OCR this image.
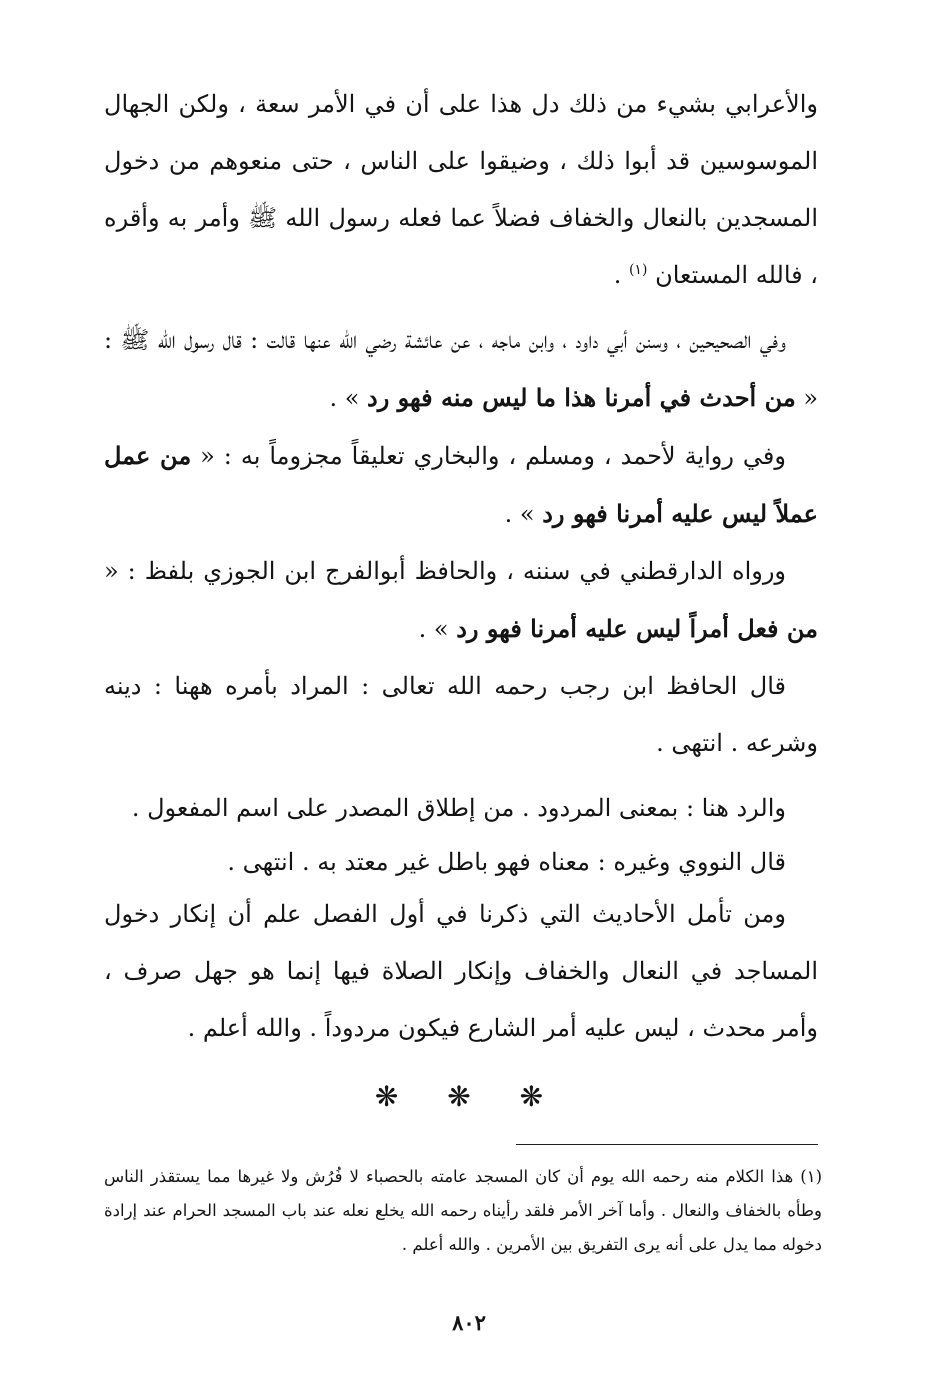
والأعرابي بشيء من ذلك دل هذا على أن في الأمر سعة ، ولكن الجهال الموسوسين قد أبوا ذلك ، وضيقوا على الناس ، حتى منعوهم من دخول المسجدين بالنعال والخفاف فضلاً عما فعله رسول الله ﷺ وأمر به وأقره ، فالله المستعان $^{(١)}$ .

وفي الصحيحين ، وسنن أبي داود ، وابن ماجه ، عن عائشة رضي الله عنها قالت : قال رسول الله ﷺ : « من أحدث في أمرنا هذا ما ليس منه فهو رد » .

وفي رواية لأحمد ، ومسلم ، والبخاري تعليقاً مجزوماً به : « من عمل عملاً ليس عليه أمرنا فهو رد » .

ورواه الدارقطني في سننه ، والحافظ أبوالفرج ابن الجوزي بلفظ : « من فعل أمراً ليس عليه أمرنا فهو رد » .

قال الحافظ ابن رجب رحمه الله تعالى : المراد بأمره ههنا : دينه وشرعه . انتهى .

والرد هنا : بمعنى المردود . من إطلاق المصدر على اسم المفعول .

قال النووي وغيره : معناه فهو باطل غير معتد به . انتهى .

ومن تأمل الأحاديث التي ذكرنا في أول الفصل علم أن إنكار دخول المساجد في النعال والخفاف وإنكار الصلاة فيها إنما هو جهل صرف ، وأمر محدث ، ليس عليه أمر الشارع فيكون مردوداً . والله أعلم .

❋ ❋ ❋
(١) هذا الكلام منه رحمه الله يوم أن كان المسجد عامته بالحصباء لا فُرُش ولا غيرها مما يستقذر الناس وطأه بالخفاف والنعال . وأما آخر الأمر فلقد رأيناه رحمه الله يخلع نعله عند باب المسجد الحرام عند إرادة دخوله مما يدل على أنه يرى التفريق بين الأمرين . والله أعلم .
٨٠٢
